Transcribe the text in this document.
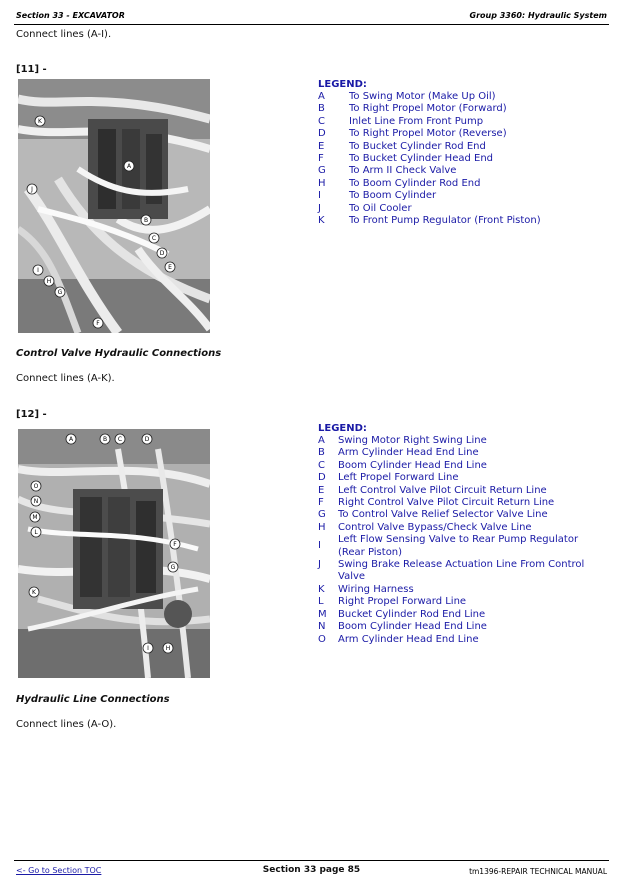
Section 33 - EXCAVATOR	Group 3360: Hydraulic System
Connect lines (A-I).
[11] -
K
J
A
B
C
D
E
I
H
G
F
LEGEND:
A	To Swing Motor (Make Up Oil)
B	To Right Propel Motor (Forward)
C	Inlet Line From Front Pump
D	To Right Propel Motor (Reverse)
E	To Bucket Cylinder Rod End
F	To Bucket Cylinder Head End
G	To Arm II Check Valve
H	To Boom Cylinder Rod End
I	To Boom Cylinder
J	To Oil Cooler
K	To Front Pump Regulator (Front Piston)
Control Valve Hydraulic Connections
Connect lines (A-K).
[12] -
A	B C	D
O
N
M
L
F
G
K
I	H
LEGEND:
A	Swing Motor Right Swing Line
B	Arm Cylinder Head End Line
C	Boom Cylinder Head End Line
D	Left Propel Forward Line
E	Left Control Valve Pilot Circuit Return Line
F	Right Control Valve Pilot Circuit Return Line
G	To Control Valve Relief Selector Valve Line
H	Control Valve Bypass/Check Valve Line
I
Left Flow Sensing Valve to Rear Pump Regulator (Rear Piston)
J	Swing Brake Release Actuation Line From Control Valve
K	Wiring Harness
L	Right Propel Forward Line
M	Bucket Cylinder Rod End Line
N	Boom Cylinder Head End Line
O	Arm Cylinder Head End Line
Hydraulic Line Connections
Connect lines (A-O).
<- Go to Section TOC	Section 33 page 85	tm1396-REPAIR TECHNICAL MANUAL
